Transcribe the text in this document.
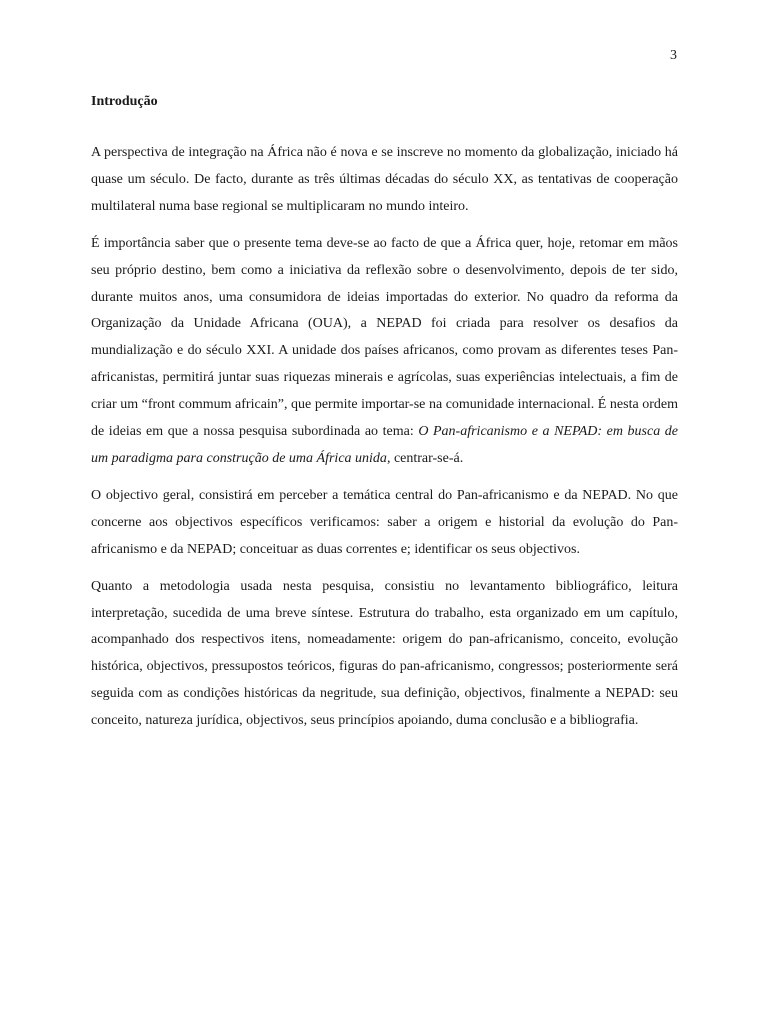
3
Introdução

A perspectiva de integração na África não é nova e se inscreve no momento da globalização, iniciado há quase um século. De facto, durante as três últimas décadas do século XX, as tentativas de cooperação multilateral numa base regional se multiplicaram no mundo inteiro.

É importância saber que o presente tema deve-se ao facto de que a África quer, hoje, retomar em mãos seu próprio destino, bem como a iniciativa da reflexão sobre o desenvolvimento, depois de ter sido, durante muitos anos, uma consumidora de ideias importadas do exterior. No quadro da reforma da Organização da Unidade Africana (OUA), a NEPAD foi criada para resolver os desafios da mundialização e do século XXI. A unidade dos países africanos, como provam as diferentes teses Pan-africanistas, permitirá juntar suas riquezas minerais e agrícolas, suas experiências intelectuais, a fim de criar um “front commum africain”, que permite importar-se na comunidade internacional. É nesta ordem de ideias em que a nossa pesquisa subordinada ao tema: O Pan-africanismo e a NEPAD: em busca de um paradigma para construção de uma África unida, centrar-se-á.

O objectivo geral, consistirá em perceber a temática central do Pan-africanismo e da NEPAD. No que concerne aos objectivos específicos verificamos: saber a origem e historial da evolução do Pan-africanismo e da NEPAD; conceituar as duas correntes e; identificar os seus objectivos.

Quanto a metodologia usada nesta pesquisa, consistiu no levantamento bibliográfico, leitura interpretação, sucedida de uma breve síntese. Estrutura do trabalho, esta organizado em um capítulo, acompanhado dos respectivos itens, nomeadamente: origem do pan-africanismo, conceito, evolução histórica, objectivos, pressupostos teóricos, figuras do pan-africanismo, congressos; posteriormente será seguida com as condições históricas da negritude, sua definição, objectivos, finalmente a NEPAD: seu conceito, natureza jurídica, objectivos, seus princípios apoiando, duma conclusão e a bibliografia.
